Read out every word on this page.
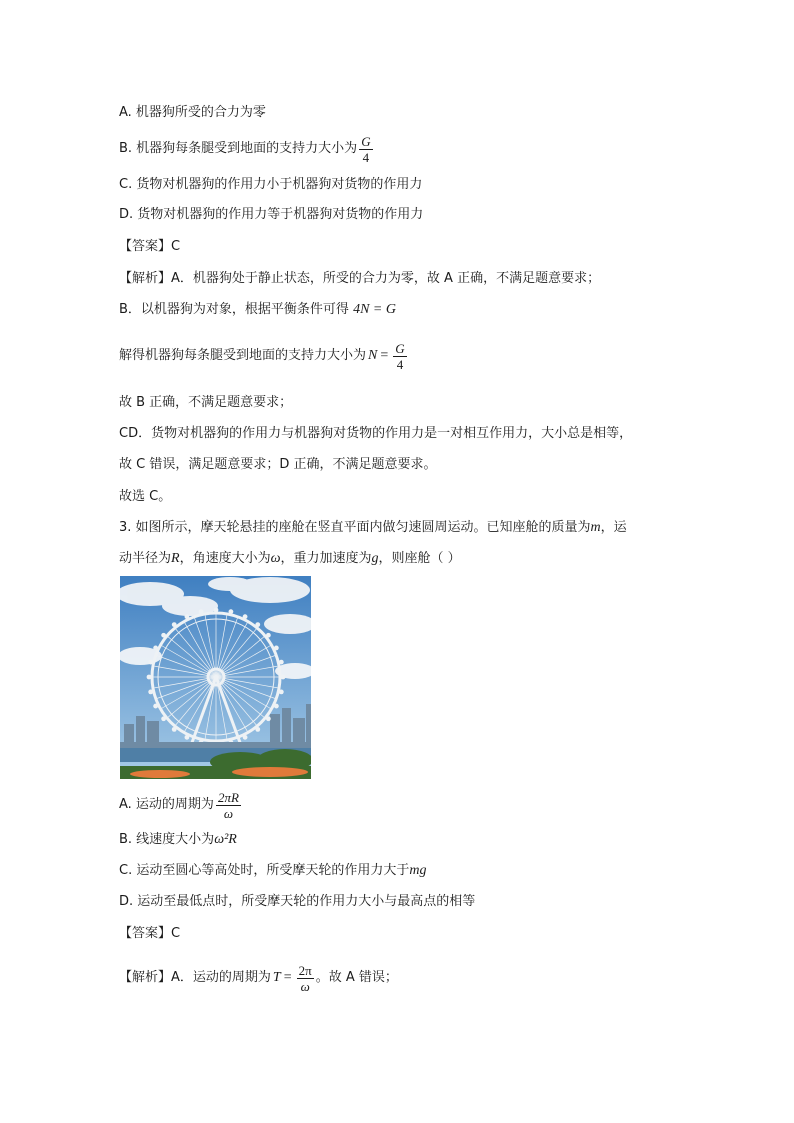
A. 机器狗所受的合力为零
B. 机器狗每条腿受到地面的支持力大小为 $\frac{G}{4}$
C. 货物对机器狗的作用力小于机器狗对货物的作用力
D. 货物对机器狗的作用力等于机器狗对货物的作用力
【答案】C
【解析】A．机器狗处于静止状态，所受的合力为零，故 A 正确，不满足题意要求；
B．以机器狗为对象，根据平衡条件可得 4N = G
解得机器狗每条腿受到地面的支持力大小为 $N = \frac{G}{4}$
故 B 正确，不满足题意要求；
CD．货物对机器狗的作用力与机器狗对货物的作用力是一对相互作用力，大小总是相等，
故 C 错误，满足题意要求；D 正确，不满足题意要求。
故选 C。
3. 如图所示，摩天轮悬挂的座舱在竖直平面内做匀速圆周运动。已知座舱的质量为m，运
动半径为R，角速度大小为ω，重力加速度为g，则座舱（ ）
A. 运动的周期为 $\frac{2\pi R}{\omega}$
B. 线速度大小为ω²R
C. 运动至圆心等高处时，所受摩天轮的作用力大于mg
D. 运动至最低点时，所受摩天轮的作用力大小与最高点的相等
【答案】C
【解析】 A．运动的周期为 $T = \frac{2\pi}{\omega}$ 。故 A 错误；
